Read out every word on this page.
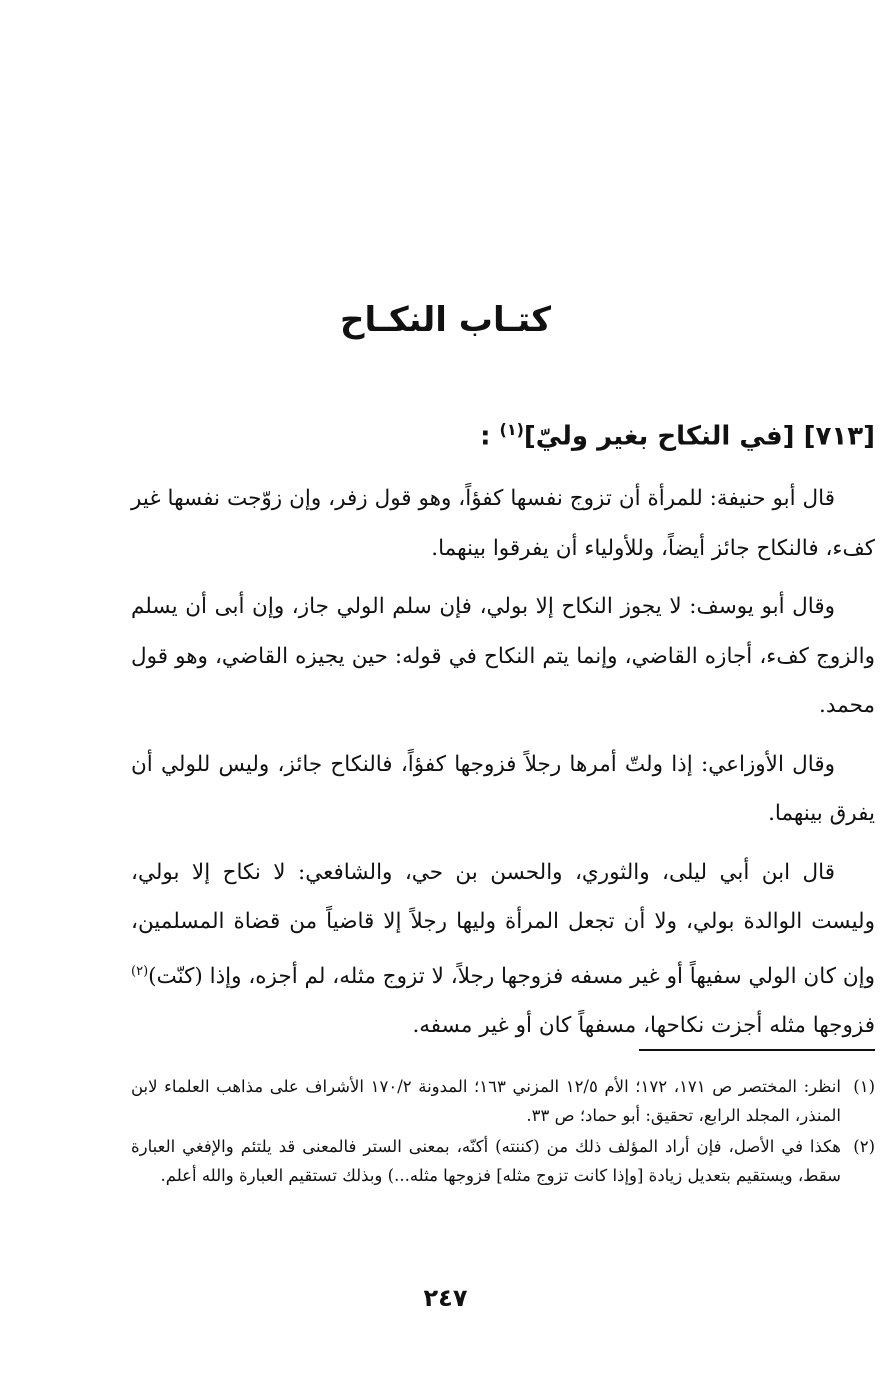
كتـاب النكـاح
[٧١٣] [في النكاح بغير وليّ]$^{(١)}$ :

قال أبو حنيفة: للمرأة أن تزوج نفسها كفؤاً، وهو قول زفر، وإن زوّجت نفسها غير كفء، فالنكاح جائز أيضاً، وللأولياء أن يفرقوا بينهما.

وقال أبو يوسف: لا يجوز النكاح إلا بولي، فإن سلم الولي جاز، وإن أبى أن يسلم والزوج كفء، أجازه القاضي، وإنما يتم النكاح في قوله: حين يجيزه القاضي، وهو قول محمد.

وقال الأوزاعي: إذا ولتّ أمرها رجلاً فزوجها كفؤاً، فالنكاح جائز، وليس للولي أن يفرق بينهما.

قال ابن أبي ليلى، والثوري، والحسن بن حي، والشافعي: لا نكاح إلا بولي، وليست الوالدة بولي، ولا أن تجعل المرأة وليها رجلاً إلا قاضياً من قضاة المسلمين، وإن كان الولي سفيهاً أو غير مسفه فزوجها رجلاً، لا تزوج مثله، لم أجزه، وإذا (كنّت)$^{(٢)}$ فزوجها مثله أجزت نكاحها، مسفهاً كان أو غير مسفه.

(١)
انظر: المختصر ص ١٧١، ١٧٢؛ الأم ١٢/٥ المزني ١٦٣؛ المدونة ١٧٠/٢ الأشراف على مذاهب العلماء لابن المنذر، المجلد الرابع، تحقيق: أبو حماد؛ ص ٣٣.
(٢)
هكذا في الأصل، فإن أراد المؤلف ذلك من (كننته) أكنّه، بمعنى الستر فالمعنى قد يلتئم والإفغي العبارة سقط، ويستقيم بتعديل زيادة [وإذا كانت تزوج مثله] فزوجها مثله...) وبذلك تستقيم العبارة والله أعلم.
٢٤٧
